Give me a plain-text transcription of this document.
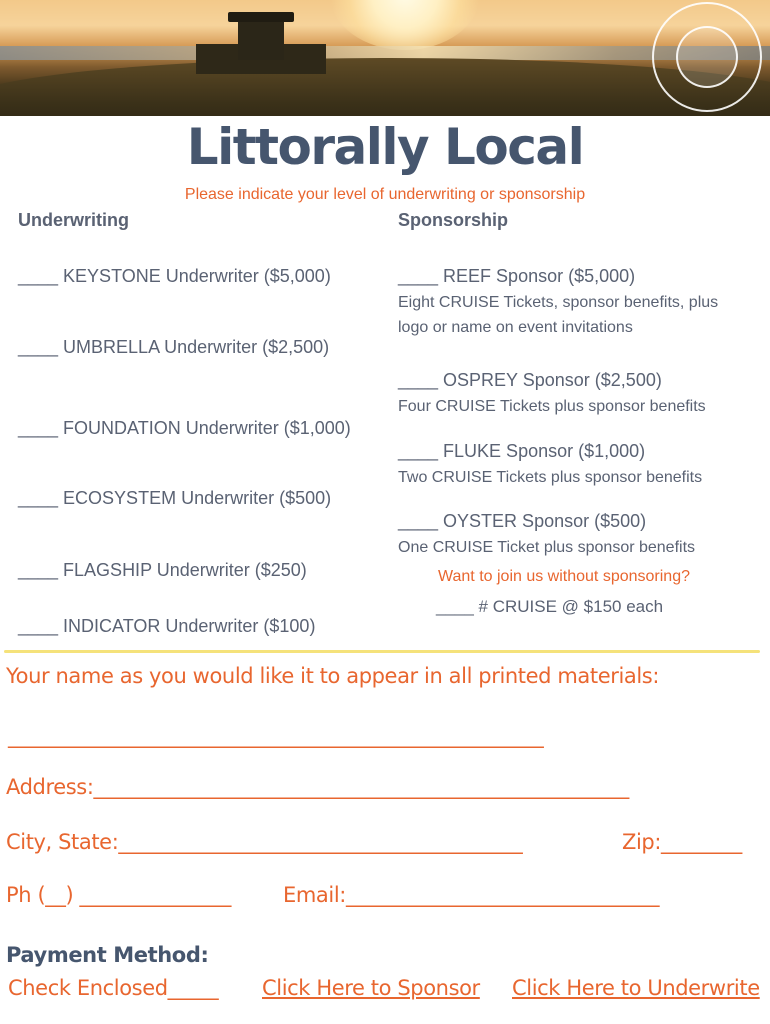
Littorally Local
Please indicate your level of underwriting or sponsorship
Underwriting	Sponsorship
____ KEYSTONE Underwriter ($5,000)
____ UMBRELLA Underwriter ($2,500)
____ FOUNDATION Underwriter ($1,000)
____ ECOSYSTEM Underwriter ($500)
____ FLAGSHIP Underwriter ($250)
____ INDICATOR Underwriter ($100)
____ REEF Sponsor ($5,000)
Eight CRUISE Tickets, sponsor benefits, plus
logo or name on event invitations
____ OSPREY Sponsor ($2,500)
Four CRUISE Tickets plus sponsor benefits
____ FLUKE Sponsor ($1,000)
Two CRUISE Tickets plus sponsor benefits
____ OYSTER Sponsor ($500)
One CRUISE Ticket plus sponsor benefits
Want to join us without sponsoring?
____ # CRUISE @ $150 each
Your name as you would like it to appear in all printed materials:
_____________________________________________________
Address:_____________________________________________________
City, State:________________________________________	Zip:________
Ph (__) _______________ Email:_______________________________
Payment Method:
Check Enclosed_____ Click Here to Sponsor Click Here to Underwrite
